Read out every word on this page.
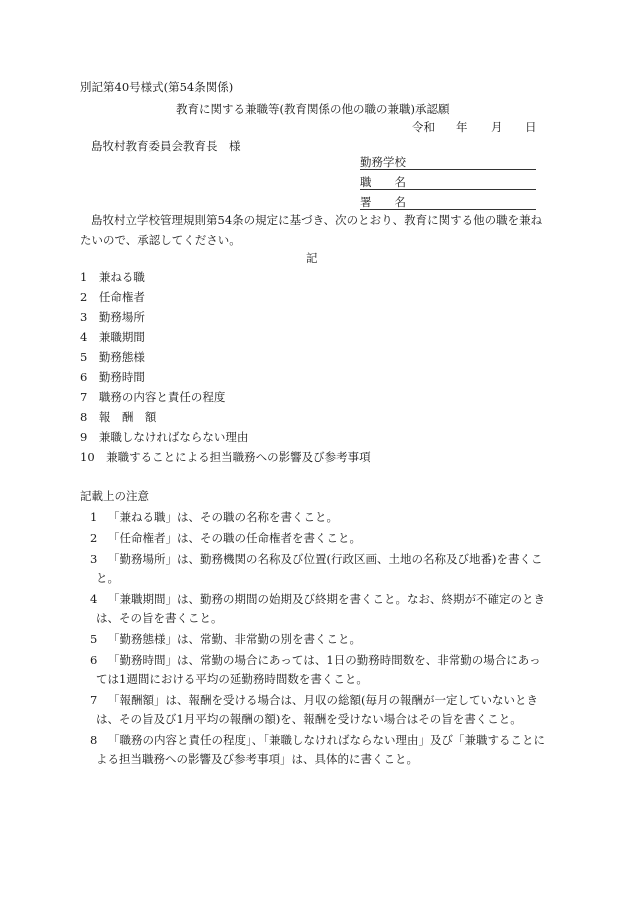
別記第40号様式(第54条関係)
教育に関する兼職等(教育関係の他の職の兼職)承認願
令和 年 月 日
島牧村教育委員会教育長　様
勤務学校
職　　名
署　　名
島牧村立学校管理規則第54条の規定に基づき、次のとおり、教育に関する他の職を兼ね
たいので、承認してください。
記
1　兼ねる職
2　任命権者
3　勤務場所
4　兼職期間
5　勤務態様
6　勤務時間
7　職務の内容と責任の程度
8　報　酬　額
9　兼職しなければならない理由
10　兼職することによる担当職務への影響及び参考事項
記載上の注意
1 「兼ねる職」は、その職の名称を書くこと。
2 「任命権者」は、その職の任命権者を書くこと。
3 「勤務場所」は、勤務機関の名称及び位置(行政区画、土地の名称及び地番)を書くこ
と。
4 「兼職期間」は、勤務の期間の始期及び終期を書くこと。なお、終期が不確定のとき
は、その旨を書くこと。
5 「勤務態様」は、常勤、非常勤の別を書くこと。
6 「勤務時間」は、常勤の場合にあっては、1日の勤務時間数を、非常勤の場合にあっ
ては1週間における平均の延勤務時間数を書くこと。
7 「報酬額」は、報酬を受ける場合は、月収の総額(毎月の報酬が一定していないとき
は、その旨及び1月平均の報酬の額)を、報酬を受けない場合はその旨を書くこと。
8 「職務の内容と責任の程度」、「兼職しなければならない理由」及び「兼職することに
よる担当職務への影響及び参考事項」は、具体的に書くこと。
